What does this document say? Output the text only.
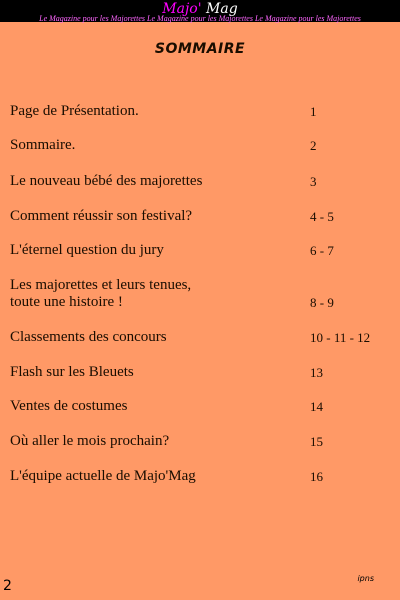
Majo' Mag
Le Magazine pour les Majorettes Le Magazine pour les Majorettes Le Magazine pour les Majorettes
SOMMAIRE
Page de Présentation.	1
Sommaire.	2
Le nouveau bébé des majorettes	3
Comment réussir son festival?	4 - 5
L'éternel question du jury	6 - 7
Les majorettes et leurs tenues,
toute une histoire !	8 - 9
Classements des concours	10 - 11 - 12
Flash sur les Bleuets	13
Ventes de costumes	14
Où aller le mois prochain?	15
L'équipe actuelle de Majo'Mag	16
2	ipns
